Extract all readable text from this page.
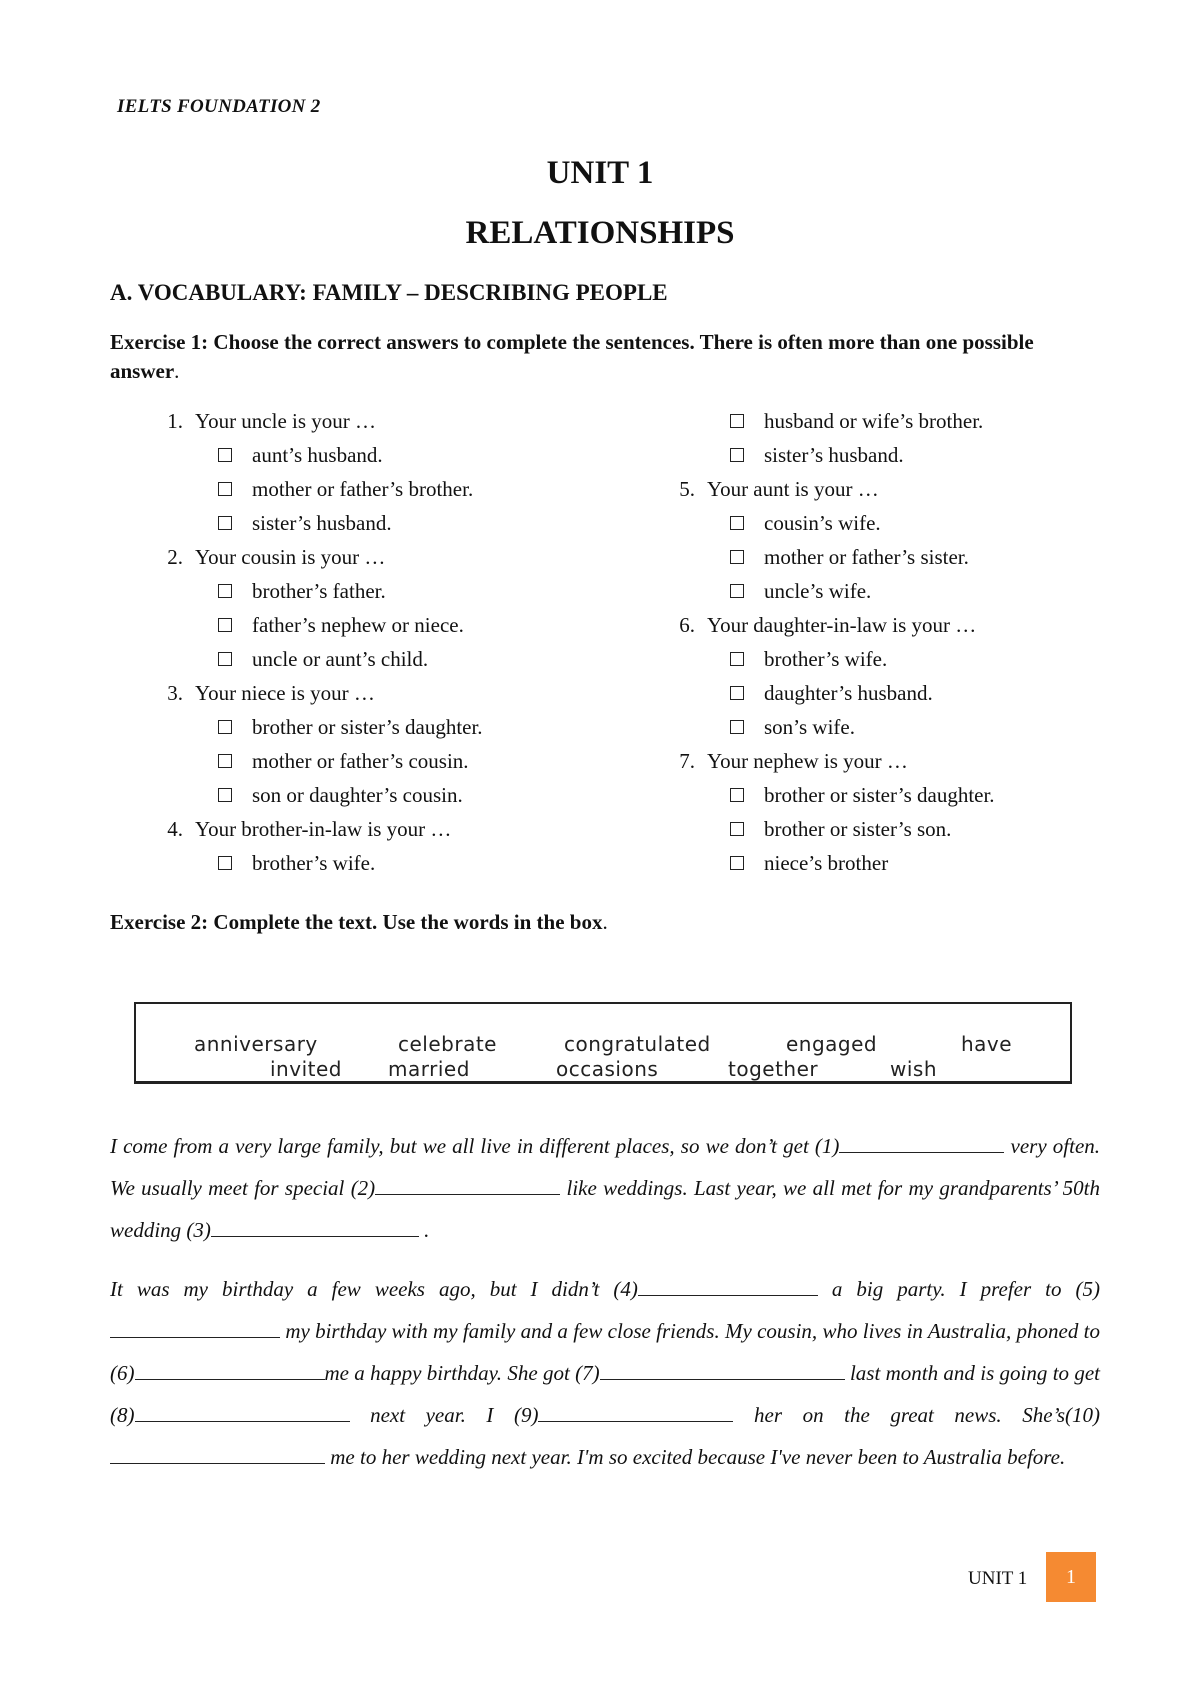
IELTS FOUNDATION 2
UNIT 1
RELATIONSHIPS
A. VOCABULARY: FAMILY – DESCRIBING PEOPLE
Exercise 1: Choose the correct answers to complete the sentences. There is often more than one possible answer.
1. Your uncle is your …
aunt’s husband.
mother or father’s brother.
sister’s husband.
2. Your cousin is your …
brother’s father.
father’s nephew or niece.
uncle or aunt’s child.
3. Your niece is your …
brother or sister’s daughter.
mother or father’s cousin.
son or daughter’s cousin.
4. Your brother-in-law is your …
brother’s wife.
husband or wife’s brother.
sister’s husband.
5. Your aunt is your …
cousin’s wife.
mother or father’s sister.
uncle’s wife.
6. Your daughter-in-law is your …
brother’s wife.
daughter’s husband.
son’s wife.
7. Your nephew is your …
brother or sister’s daughter.
brother or sister’s son.
niece’s brother
Exercise 2: Complete the text. Use the words in the box.
anniversary	celebrate	congratulated	engaged	have
invited married	occasions	together	wish
I come from a very large family, but we all live in different places, so we don’t get (1)	very often. We usually meet for special (2)	like weddings. Last year, we all met for my grandparents’ 50th wedding (3)	.
It was my birthday a few weeks ago, but I didn’t (4)	a big party. I prefer to (5) my birthday with my family and a few close friends. My cousin, who lives in Australia, phoned to (6)	me a happy birthday. She got (7)	last month and is going to get (8)	next year. I (9)	her on the great news. She’s(10)  me to her wedding next year. I'm so excited because I've never been to Australia before.
UNIT 1	1
